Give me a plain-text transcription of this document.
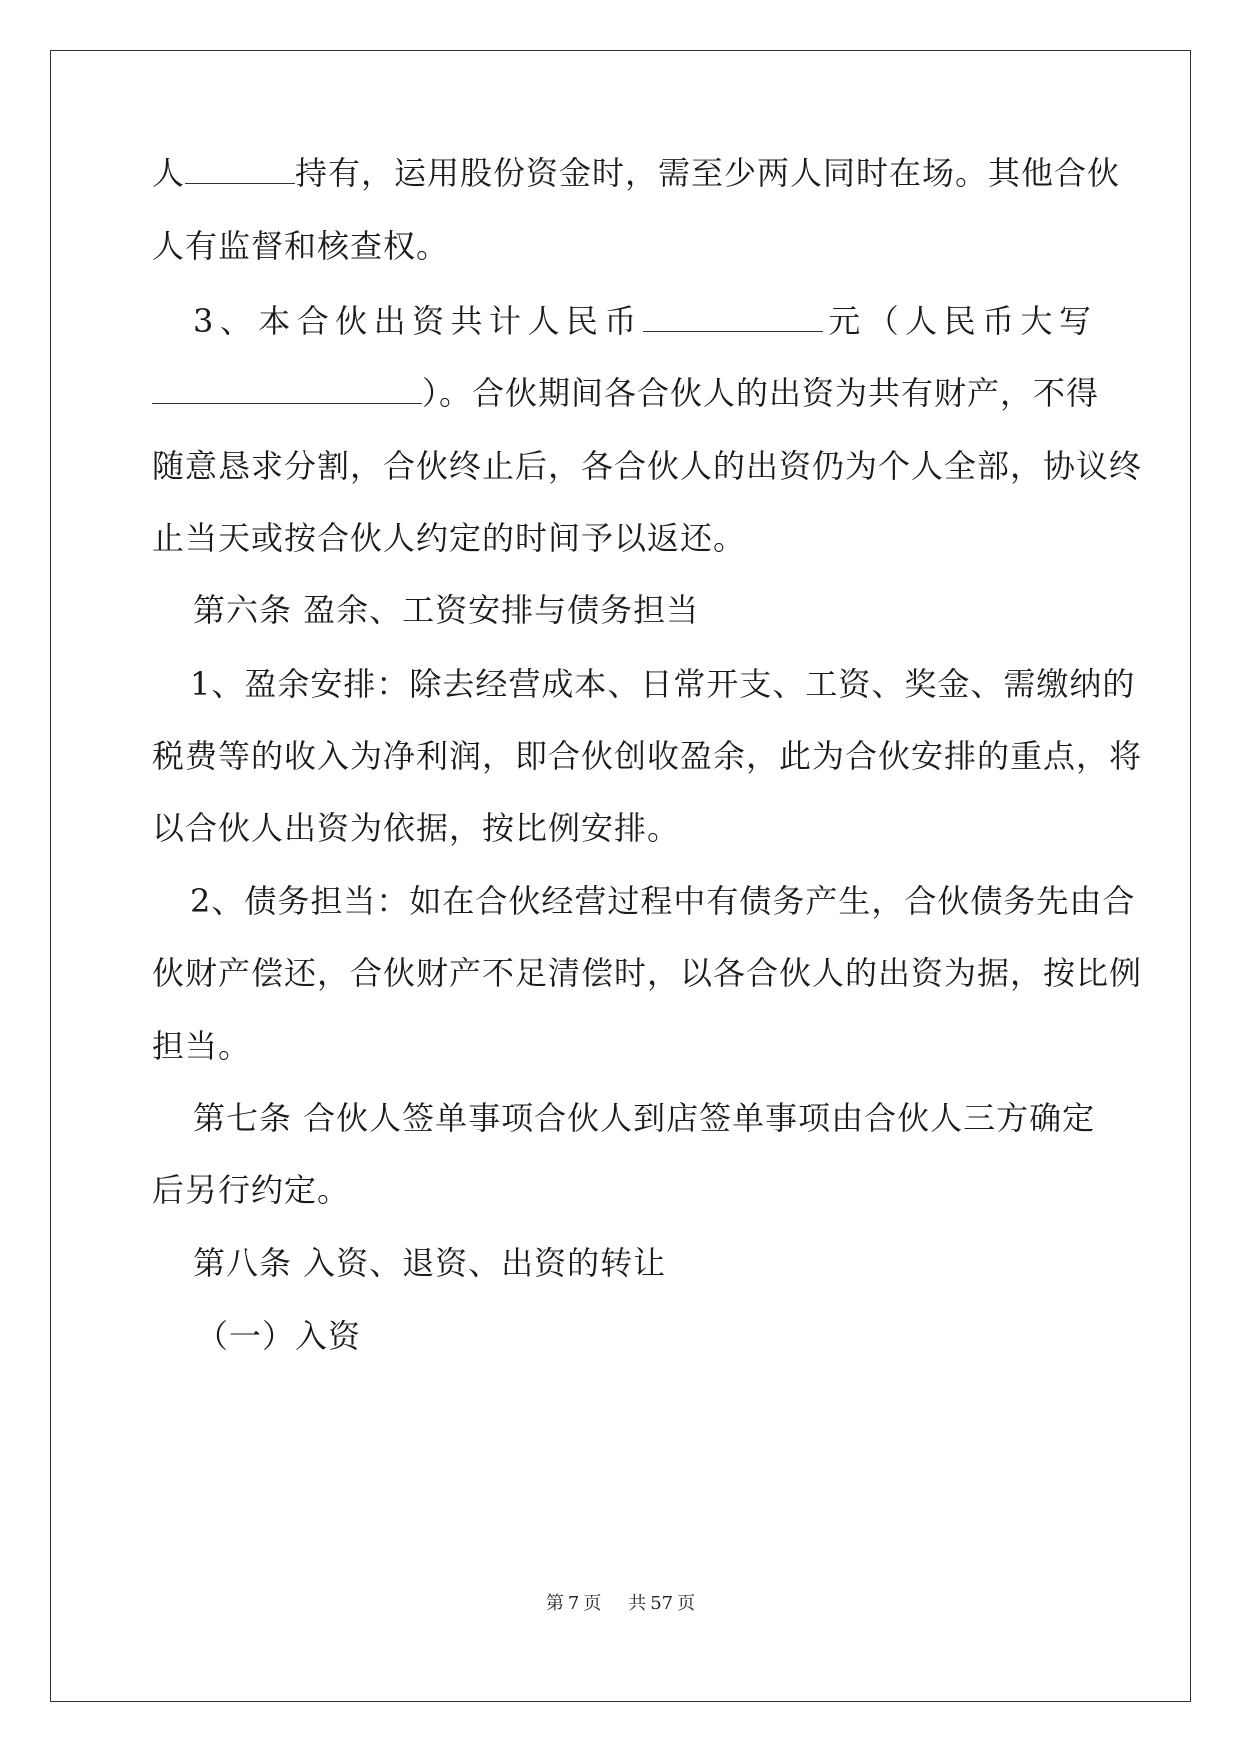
人	持有，运用股份资金时，需至少两人同时在场。其他合伙
人有监督和核查权。
3、本合伙出资共计人民币	元（人民币大写
）。合伙期间各合伙人的出资为共有财产，不得
随意恳求分割，合伙终止后，各合伙人的出资仍为个人全部，协议终
止当天或按合伙人约定的时间予以返还。
第六条 盈余、工资安排与债务担当
1、盈余安排：除去经营成本、日常开支、工资、奖金、需缴纳的
税费等的收入为净利润，即合伙创收盈余，此为合伙安排的重点，将
以合伙人出资为依据，按比例安排。
2、债务担当：如在合伙经营过程中有债务产生，合伙债务先由合
伙财产偿还，合伙财产不足清偿时，以各合伙人的出资为据，按比例
担当。
第七条 合伙人签单事项合伙人到店签单事项由合伙人三方确定
后另行约定。
第八条 入资、退资、出资的转让
（一）入资
第 7 页 共 57 页
